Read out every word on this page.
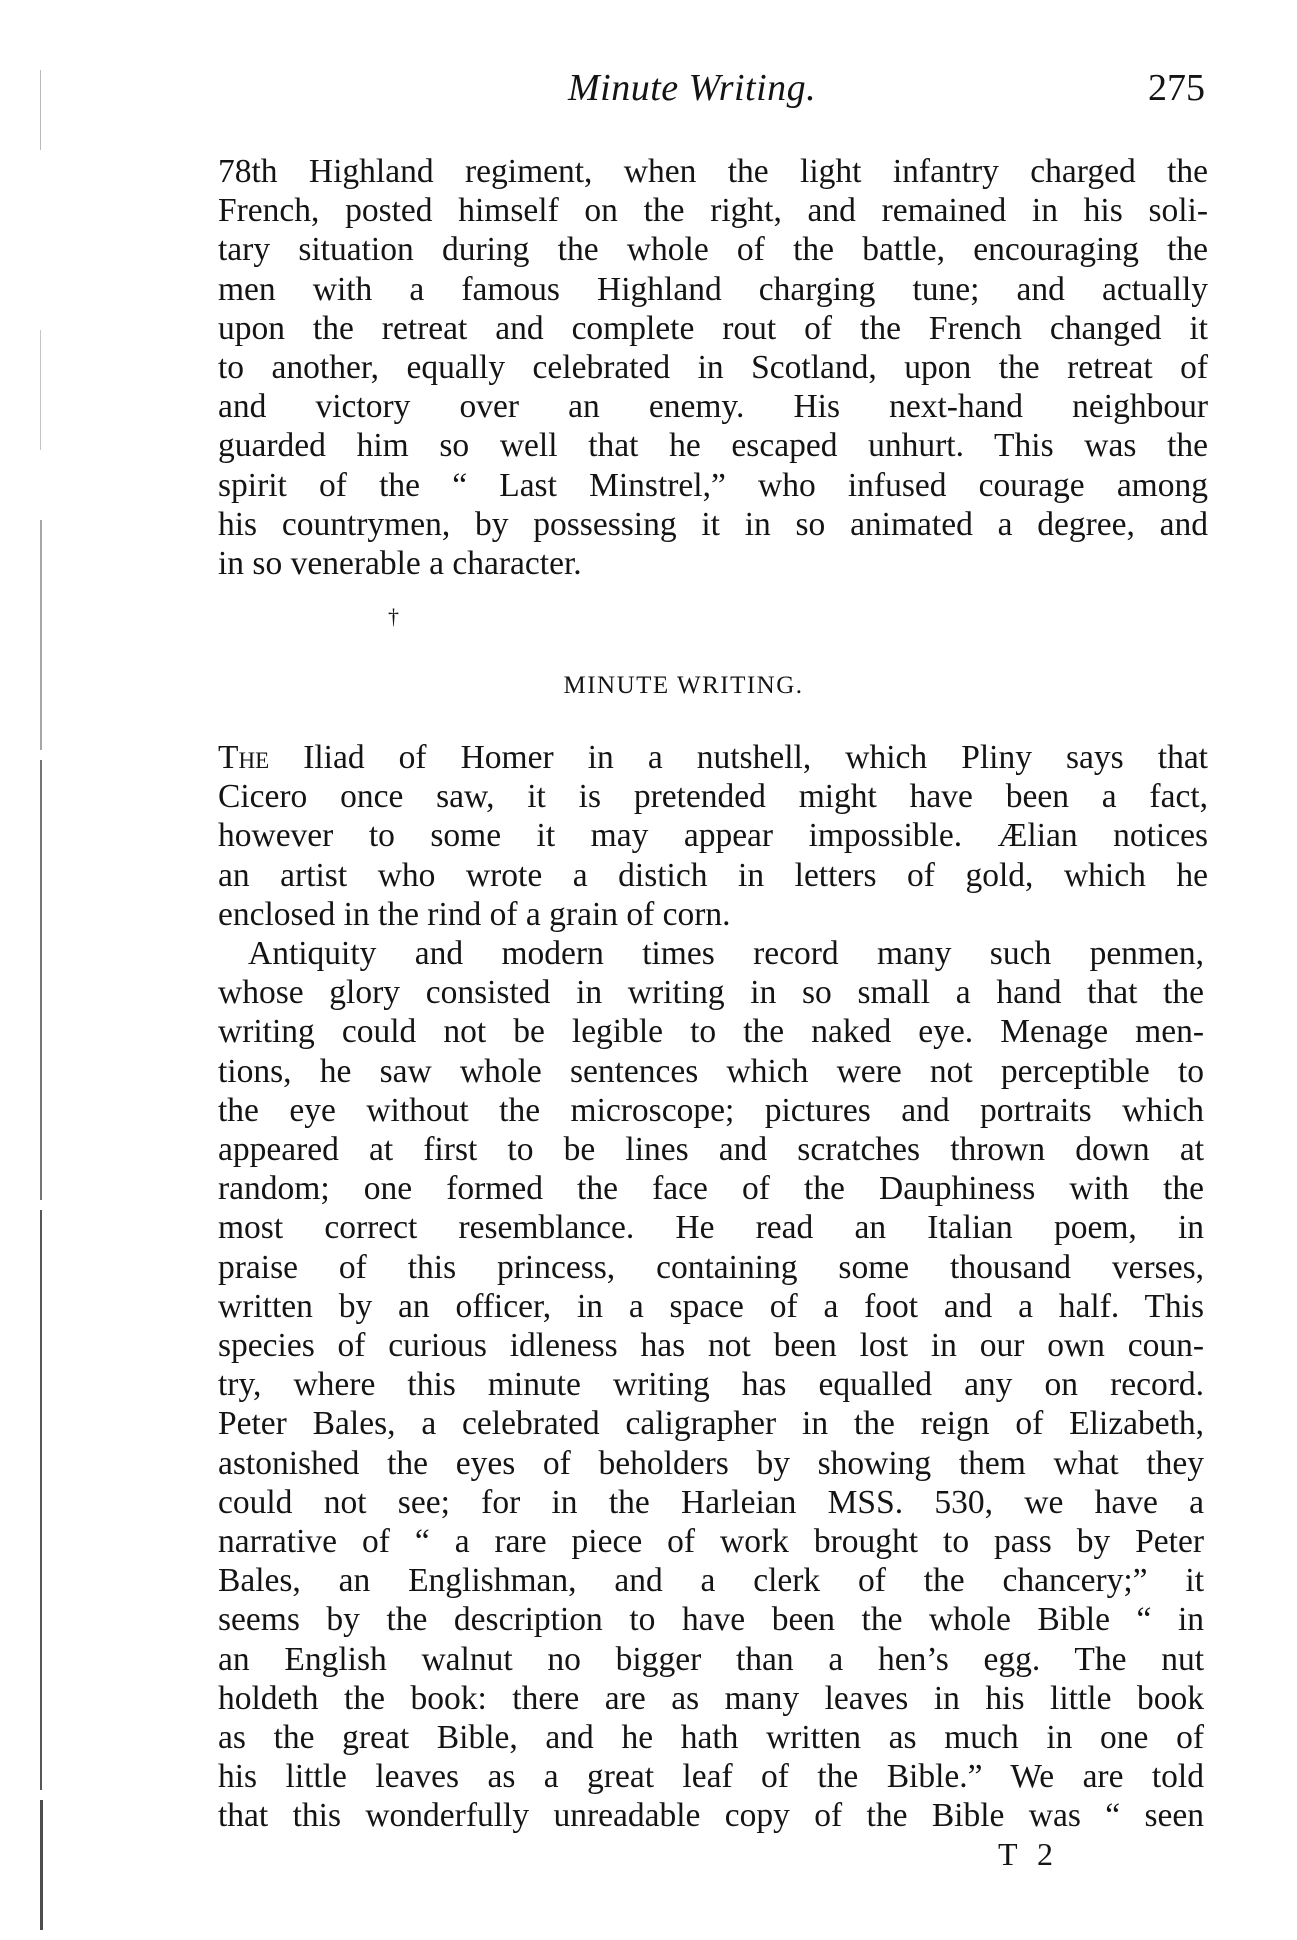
Minute Writing.	275
78th Highland regiment, when the light infantry charged the
French, posted himself on the right, and remained in his soli-
tary situation during the whole of the battle, encouraging the
men with a famous Highland charging tune; and actually
upon the retreat and complete rout of the French changed it
to another, equally celebrated in Scotland, upon the retreat of
and victory over an enemy. His next-hand neighbour
guarded him so well that he escaped unhurt. This was the
spirit of the “ Last Minstrel,” who infused courage among
his countrymen, by possessing it in so animated a degree, and
in so venerable a character.
†
MINUTE WRITING.
The Iliad of Homer in a nutshell, which Pliny says that
Cicero once saw, it is pretended might have been a fact,
however to some it may appear impossible. Ælian notices
an artist who wrote a distich in letters of gold, which he
enclosed in the rind of a grain of corn.
Antiquity and modern times record many such penmen,
whose glory consisted in writing in so small a hand that the
writing could not be legible to the naked eye. Menage men-
tions, he saw whole sentences which were not perceptible to
the eye without the microscope; pictures and portraits which
appeared at first to be lines and scratches thrown down at
random; one formed the face of the Dauphiness with the
most correct resemblance. He read an Italian poem, in
praise of this princess, containing some thousand verses,
written by an officer, in a space of a foot and a half. This
species of curious idleness has not been lost in our own coun-
try, where this minute writing has equalled any on record.
Peter Bales, a celebrated caligrapher in the reign of Elizabeth,
astonished the eyes of beholders by showing them what they
could not see; for in the Harleian MSS. 530, we have a
narrative of “ a rare piece of work brought to pass by Peter
Bales, an Englishman, and a clerk of the chancery;” it
seems by the description to have been the whole Bible “ in
an English walnut no bigger than a hen’s egg. The nut
holdeth the book: there are as many leaves in his little book
as the great Bible, and he hath written as much in one of
his little leaves as a great leaf of the Bible.” We are told
that this wonderfully unreadable copy of the Bible was “ seen
T 2
